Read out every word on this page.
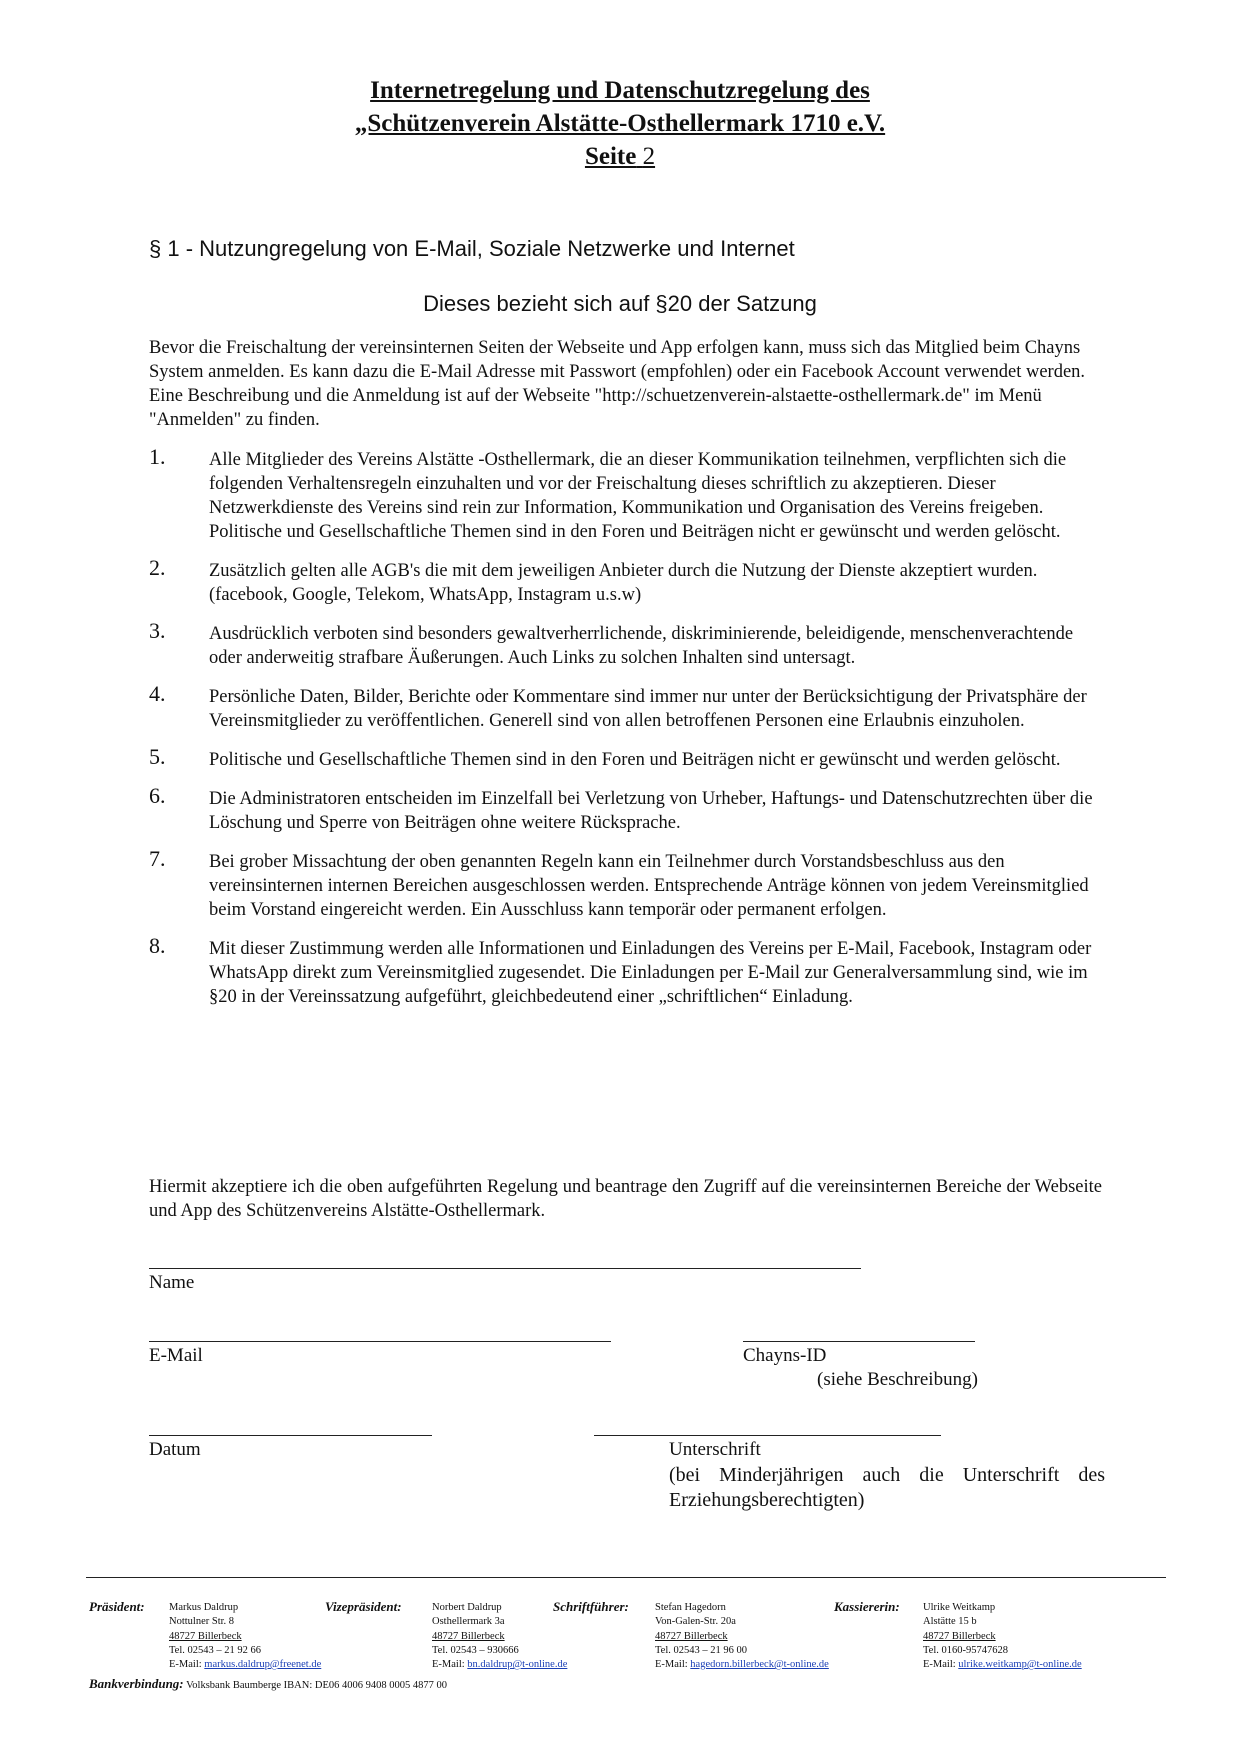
Internetregelung und Datenschutzregelung des
„Schützenverein Alstätte-Osthellermark 1710 e.V.
Seite 2
§ 1 - Nutzungregelung von E-Mail, Soziale Netzwerke und Internet
Dieses bezieht sich auf §20 der Satzung
Bevor die Freischaltung der vereinsinternen Seiten der Webseite und App erfolgen kann, muss sich das Mitglied beim Chayns System anmelden. Es kann dazu die E-Mail Adresse mit Passwort (empfohlen) oder ein Facebook Account verwendet werden. Eine Beschreibung und die Anmeldung ist auf der Webseite "http://schuetzenverein-alstaette-osthellermark.de" im Menü "Anmelden" zu finden.
1. Alle Mitglieder des Vereins Alstätte -Osthellermark, die an dieser Kommunikation teilnehmen, verpflichten sich die folgenden Verhaltensregeln einzuhalten und vor der Freischaltung dieses schriftlich zu akzeptieren. Dieser Netzwerkdienste des Vereins sind rein zur Information, Kommunikation und Organisation des Vereins freigeben. Politische und Gesellschaftliche Themen sind in den Foren und Beiträgen nicht er gewünscht und werden gelöscht.
2. Zusätzlich gelten alle AGB's die mit dem jeweiligen Anbieter durch die Nutzung der Dienste akzeptiert wurden. (facebook, Google, Telekom, WhatsApp, Instagram u.s.w)
3. Ausdrücklich verboten sind besonders gewaltverherrlichende, diskriminierende, beleidigende, menschenverachtende oder anderweitig strafbare Äußerungen. Auch Links zu solchen Inhalten sind untersagt.
4. Persönliche Daten, Bilder, Berichte oder Kommentare sind immer nur unter der Berücksichtigung der Privatsphäre der Vereinsmitglieder zu veröffentlichen. Generell sind von allen betroffenen Personen eine Erlaubnis einzuholen.
5. Politische und Gesellschaftliche Themen sind in den Foren und Beiträgen nicht er gewünscht und werden gelöscht.
6. Die Administratoren entscheiden im Einzelfall bei Verletzung von Urheber, Haftungs- und Datenschutzrechten über die Löschung und Sperre von Beiträgen ohne weitere Rücksprache.
7. Bei grober Missachtung der oben genannten Regeln kann ein Teilnehmer durch Vorstandsbeschluss aus den vereinsinternen internen Bereichen ausgeschlossen werden. Entsprechende Anträge können von jedem Vereinsmitglied beim Vorstand eingereicht werden. Ein Ausschluss kann temporär oder permanent erfolgen.
8. Mit dieser Zustimmung werden alle Informationen und Einladungen des Vereins per E-Mail, Facebook, Instagram oder WhatsApp direkt zum Vereinsmitglied zugesendet. Die Einladungen per E-Mail zur Generalversammlung sind, wie im §20 in der Vereinssatzung aufgeführt, gleichbedeutend einer „schriftlichen“ Einladung.
Hiermit akzeptiere ich die oben aufgeführten Regelung und beantrage den Zugriff auf die vereinsinternen Bereiche der Webseite und App des Schützenvereins Alstätte-Osthellermark.
Name
E-Mail	Chayns-ID
(siehe Beschreibung)
Datum	Unterschrift
(bei Minderjährigen auch die Unterschrift des Erziehungsberechtigten)
Präsident: Markus Daldrup
Nottulner Str. 8
48727 Billerbeck
Tel. 02543 – 21 92 66
E-Mail: markus.daldrup@freenet.de
Vizepräsident:	Norbert Daldrup
Osthellermark 3a
48727 Billerbeck
Tel. 02543 – 930666
E-Mail: bn.daldrup@t-online.de
Schriftführer: Stefan Hagedorn
Von-Galen-Str. 20a
48727 Billerbeck
Tel. 02543 – 21 96 00
E-Mail: hagedorn.billerbeck@t-online.de
Kassiererin: Ulrike Weitkamp
Alstätte 15 b
48727 Billerbeck
Tel. 0160-95747628
E-Mail: ulrike.weitkamp@t-online.de
Bankverbindung: Volksbank Baumberge IBAN: DE06 4006 9408 0005 4877 00
